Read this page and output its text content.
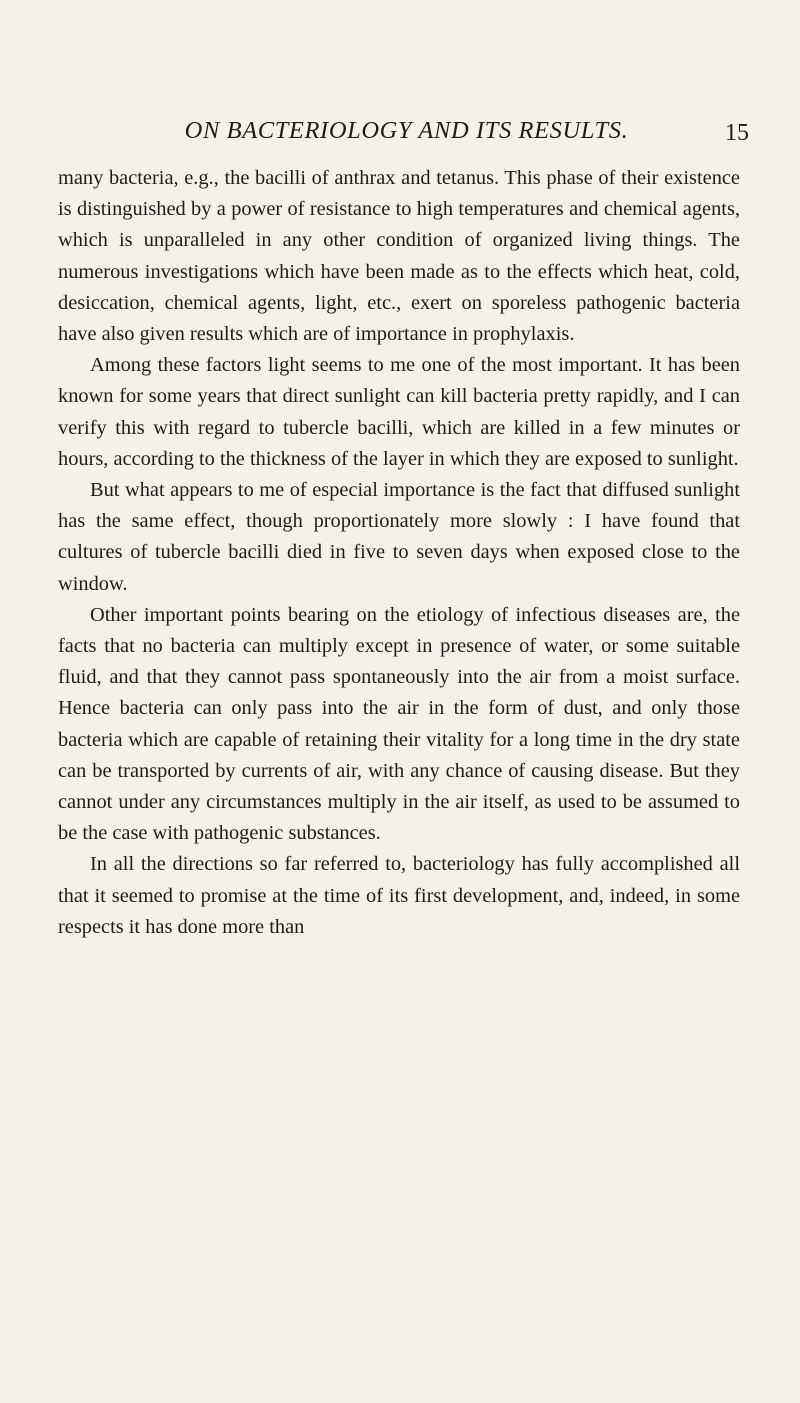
ON BACTERIOLOGY AND ITS RESULTS.	15

many bacteria, e.g., the bacilli of anthrax and tetanus. This phase of their existence is distinguished by a power of resistance to high temperatures and chemical agents, which is unparalleled in any other condition of organized living things. The numerous investigations which have been made as to the effects which heat, cold, desiccation, chemical agents, light, etc., exert on sporeless pathogenic bacteria have also given results which are of importance in prophylaxis.

Among these factors light seems to me one of the most important. It has been known for some years that direct sunlight can kill bacteria pretty rapidly, and I can verify this with regard to tubercle bacilli, which are killed in a few minutes or hours, according to the thickness of the layer in which they are exposed to sunlight.

But what appears to me of especial importance is the fact that diffused sunlight has the same effect, though proportionately more slowly : I have found that cultures of tubercle bacilli died in five to seven days when exposed close to the window.

Other important points bearing on the etiology of infectious diseases are, the facts that no bacteria can multiply except in presence of water, or some suitable fluid, and that they cannot pass spontaneously into the air from a moist surface. Hence bacteria can only pass into the air in the form of dust, and only those bacteria which are capable of retaining their vitality for a long time in the dry state can be transported by currents of air, with any chance of causing disease. But they cannot under any circumstances multiply in the air itself, as used to be assumed to be the case with pathogenic substances.

In all the directions so far referred to, bacteriology has fully accomplished all that it seemed to promise at the time of its first development, and, indeed, in some respects it has done more than
